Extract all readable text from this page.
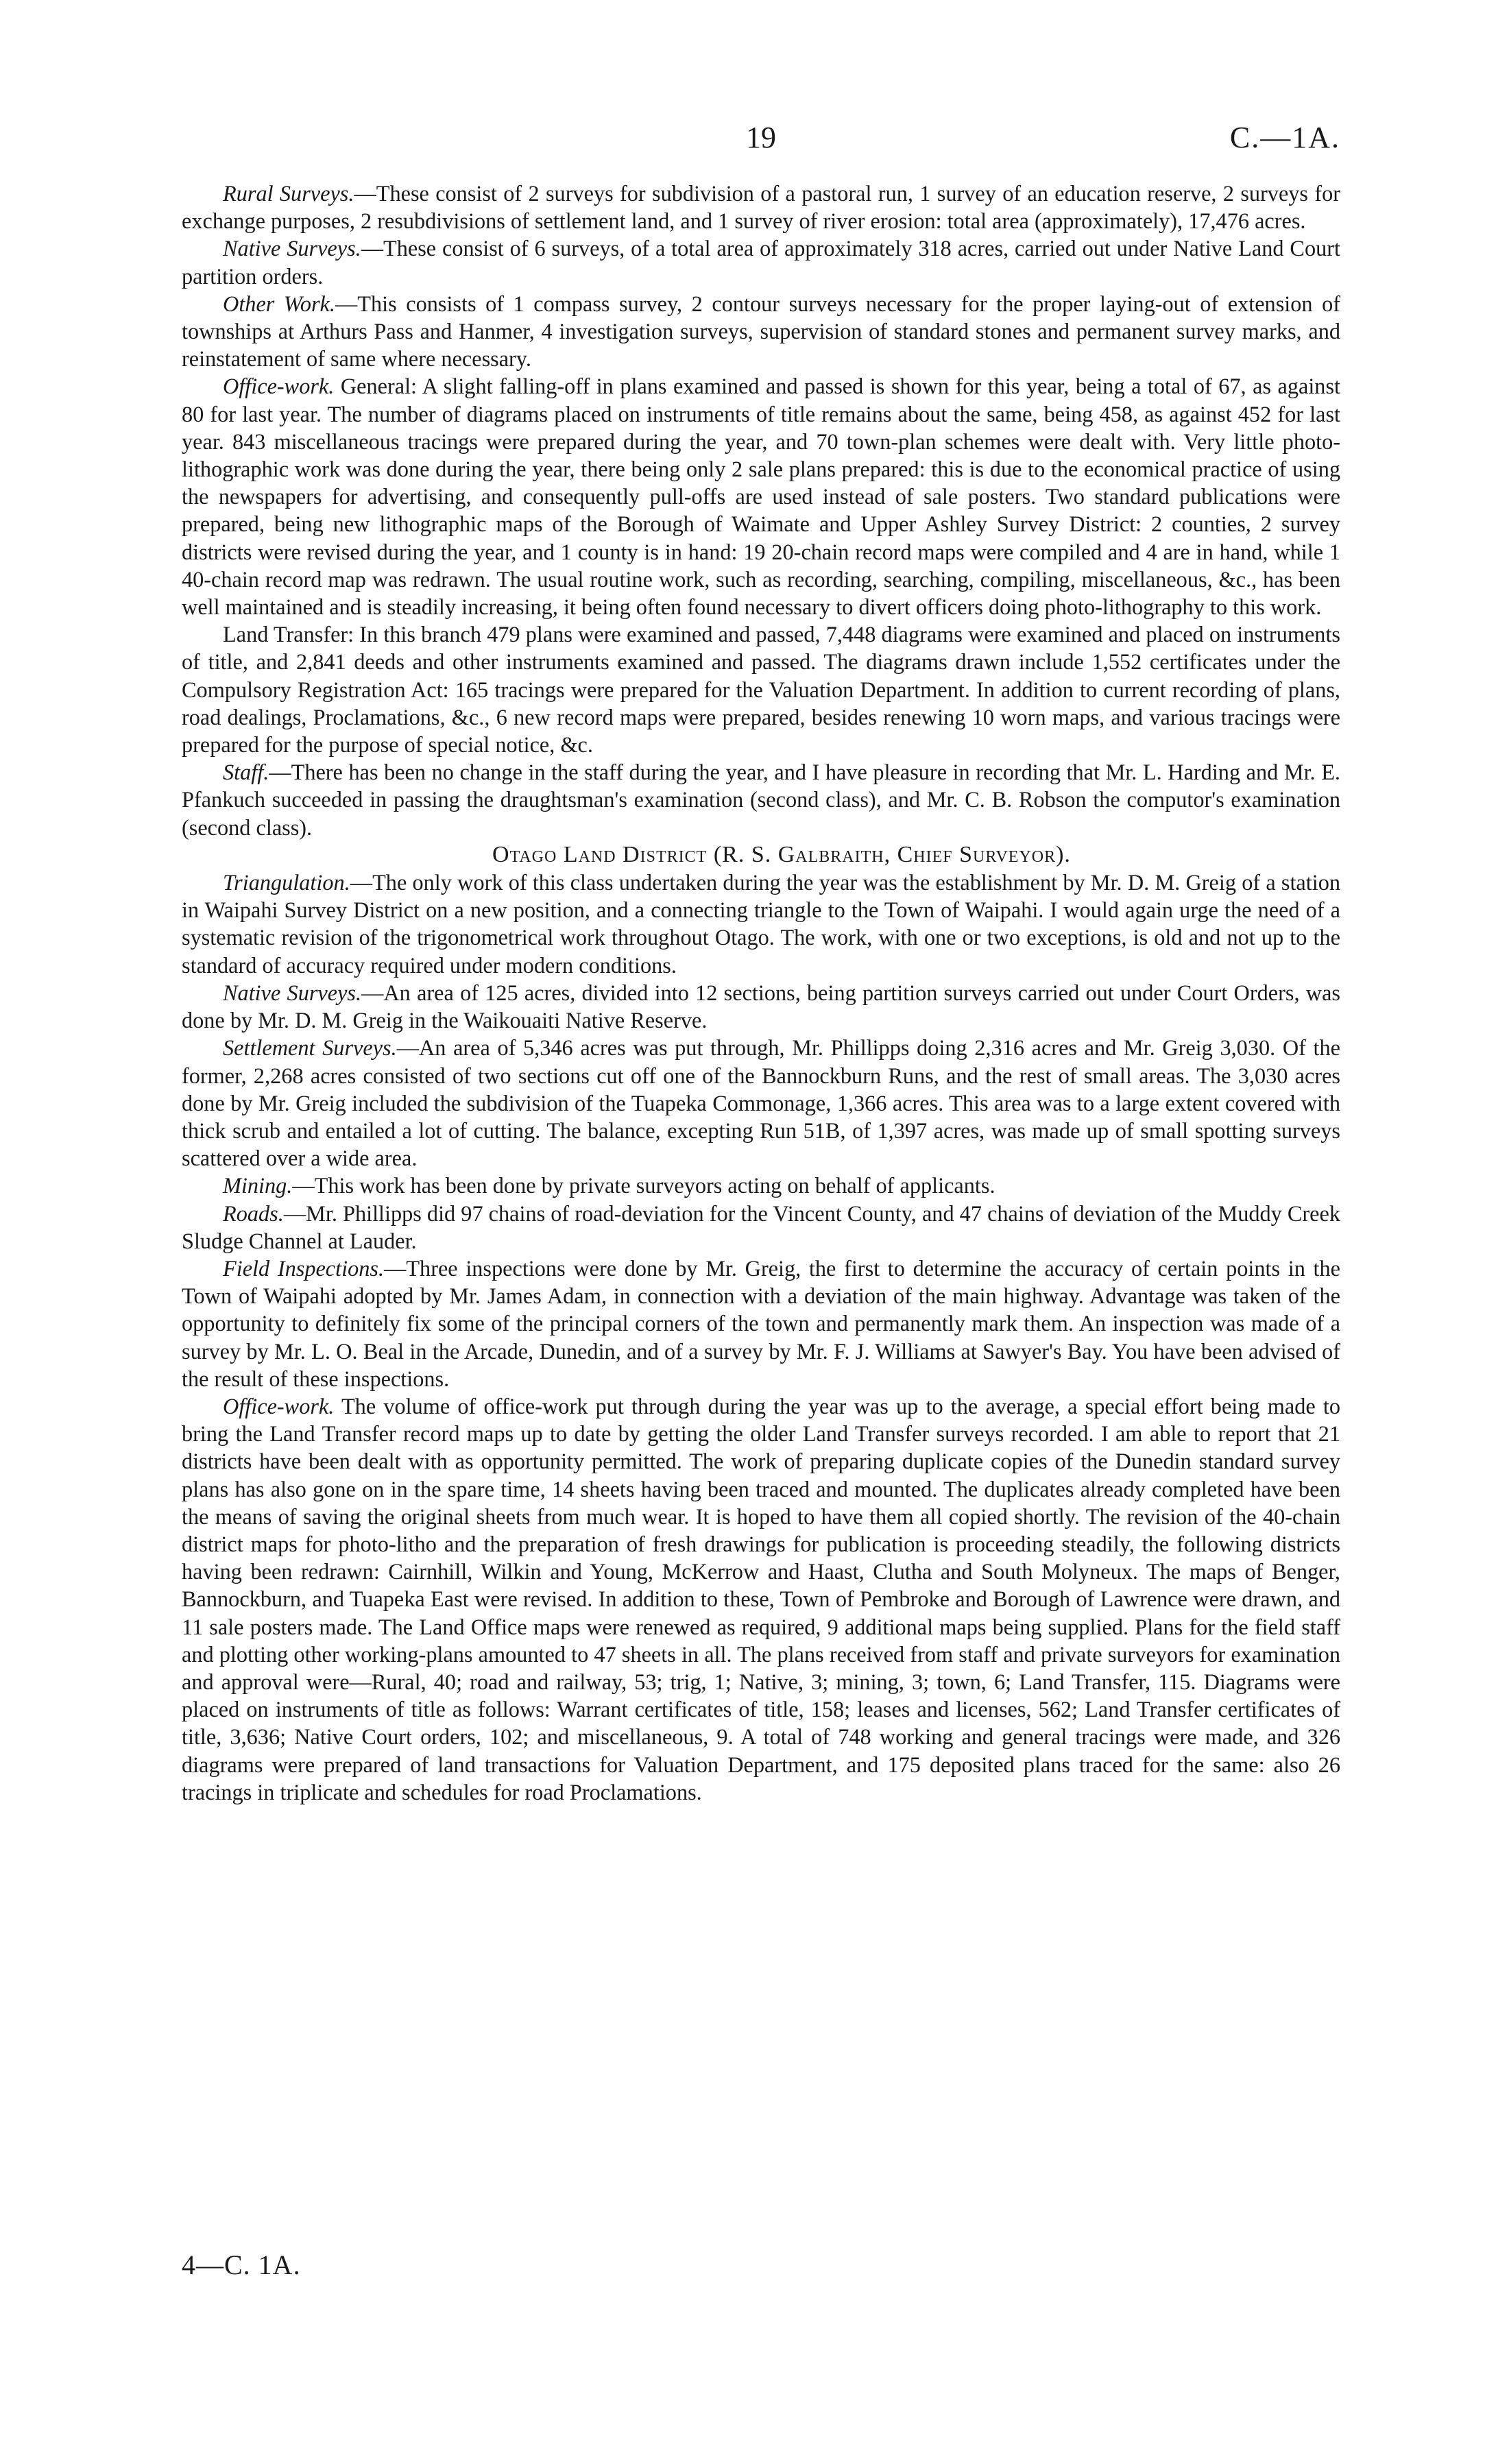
19	C.—1A.

Rural Surveys.—These consist of 2 surveys for subdivision of a pastoral run, 1 survey of an education reserve, 2 surveys for exchange purposes, 2 resubdivisions of settlement land, and 1 survey of river erosion: total area (approximately), 17,476 acres.

Native Surveys.—These consist of 6 surveys, of a total area of approximately 318 acres, carried out under Native Land Court partition orders.

Other Work.—This consists of 1 compass survey, 2 contour surveys necessary for the proper laying-out of extension of townships at Arthurs Pass and Hanmer, 4 investigation surveys, supervision of standard stones and permanent survey marks, and reinstatement of same where necessary.

Office-work. General: A slight falling-off in plans examined and passed is shown for this year, being a total of 67, as against 80 for last year. The number of diagrams placed on instruments of title remains about the same, being 458, as against 452 for last year. 843 miscellaneous tracings were prepared during the year, and 70 town-plan schemes were dealt with. Very little photo-lithographic work was done during the year, there being only 2 sale plans prepared: this is due to the economical practice of using the newspapers for advertising, and consequently pull-offs are used instead of sale posters. Two standard publications were prepared, being new lithographic maps of the Borough of Waimate and Upper Ashley Survey District: 2 counties, 2 survey districts were revised during the year, and 1 county is in hand: 19 20-chain record maps were compiled and 4 are in hand, while 1 40-chain record map was redrawn. The usual routine work, such as recording, searching, compiling, miscellaneous, &c., has been well maintained and is steadily increasing, it being often found necessary to divert officers doing photo-lithography to this work.

Land Transfer: In this branch 479 plans were examined and passed, 7,448 diagrams were examined and placed on instruments of title, and 2,841 deeds and other instruments examined and passed. The diagrams drawn include 1,552 certificates under the Compulsory Registration Act: 165 tracings were prepared for the Valuation Department. In addition to current recording of plans, road dealings, Proclamations, &c., 6 new record maps were prepared, besides renewing 10 worn maps, and various tracings were prepared for the purpose of special notice, &c.

Staff.—There has been no change in the staff during the year, and I have pleasure in recording that Mr. L. Harding and Mr. E. Pfankuch succeeded in passing the draughtsman's examination (second class), and Mr. C. B. Robson the computor's examination (second class).

Otago Land District (R. S. Galbraith, Chief Surveyor).

Triangulation.—The only work of this class undertaken during the year was the establishment by Mr. D. M. Greig of a station in Waipahi Survey District on a new position, and a connecting triangle to the Town of Waipahi. I would again urge the need of a systematic revision of the trigonometrical work throughout Otago. The work, with one or two exceptions, is old and not up to the standard of accuracy required under modern conditions.

Native Surveys.—An area of 125 acres, divided into 12 sections, being partition surveys carried out under Court Orders, was done by Mr. D. M. Greig in the Waikouaiti Native Reserve.

Settlement Surveys.—An area of 5,346 acres was put through, Mr. Phillipps doing 2,316 acres and Mr. Greig 3,030. Of the former, 2,268 acres consisted of two sections cut off one of the Bannockburn Runs, and the rest of small areas. The 3,030 acres done by Mr. Greig included the subdivision of the Tuapeka Commonage, 1,366 acres. This area was to a large extent covered with thick scrub and entailed a lot of cutting. The balance, excepting Run 51B, of 1,397 acres, was made up of small spotting surveys scattered over a wide area.

Mining.—This work has been done by private surveyors acting on behalf of applicants.

Roads.—Mr. Phillipps did 97 chains of road-deviation for the Vincent County, and 47 chains of deviation of the Muddy Creek Sludge Channel at Lauder.

Field Inspections.—Three inspections were done by Mr. Greig, the first to determine the accuracy of certain points in the Town of Waipahi adopted by Mr. James Adam, in connection with a deviation of the main highway. Advantage was taken of the opportunity to definitely fix some of the principal corners of the town and permanently mark them. An inspection was made of a survey by Mr. L. O. Beal in the Arcade, Dunedin, and of a survey by Mr. F. J. Williams at Sawyer's Bay. You have been advised of the result of these inspections.

Office-work. The volume of office-work put through during the year was up to the average, a special effort being made to bring the Land Transfer record maps up to date by getting the older Land Transfer surveys recorded. I am able to report that 21 districts have been dealt with as opportunity permitted. The work of preparing duplicate copies of the Dunedin standard survey plans has also gone on in the spare time, 14 sheets having been traced and mounted. The duplicates already completed have been the means of saving the original sheets from much wear. It is hoped to have them all copied shortly. The revision of the 40-chain district maps for photo-litho and the preparation of fresh drawings for publication is proceeding steadily, the following districts having been redrawn: Cairnhill, Wilkin and Young, McKerrow and Haast, Clutha and South Molyneux. The maps of Benger, Bannockburn, and Tuapeka East were revised. In addition to these, Town of Pembroke and Borough of Lawrence were drawn, and 11 sale posters made. The Land Office maps were renewed as required, 9 additional maps being supplied. Plans for the field staff and plotting other working-plans amounted to 47 sheets in all. The plans received from staff and private surveyors for examination and approval were—Rural, 40; road and railway, 53; trig, 1; Native, 3; mining, 3; town, 6; Land Transfer, 115. Diagrams were placed on instruments of title as follows: Warrant certificates of title, 158; leases and licenses, 562; Land Transfer certificates of title, 3,636; Native Court orders, 102; and miscellaneous, 9. A total of 748 working and general tracings were made, and 326 diagrams were prepared of land transactions for Valuation Department, and 175 deposited plans traced for the same: also 26 tracings in triplicate and schedules for road Proclamations.

4—C. 1A.
